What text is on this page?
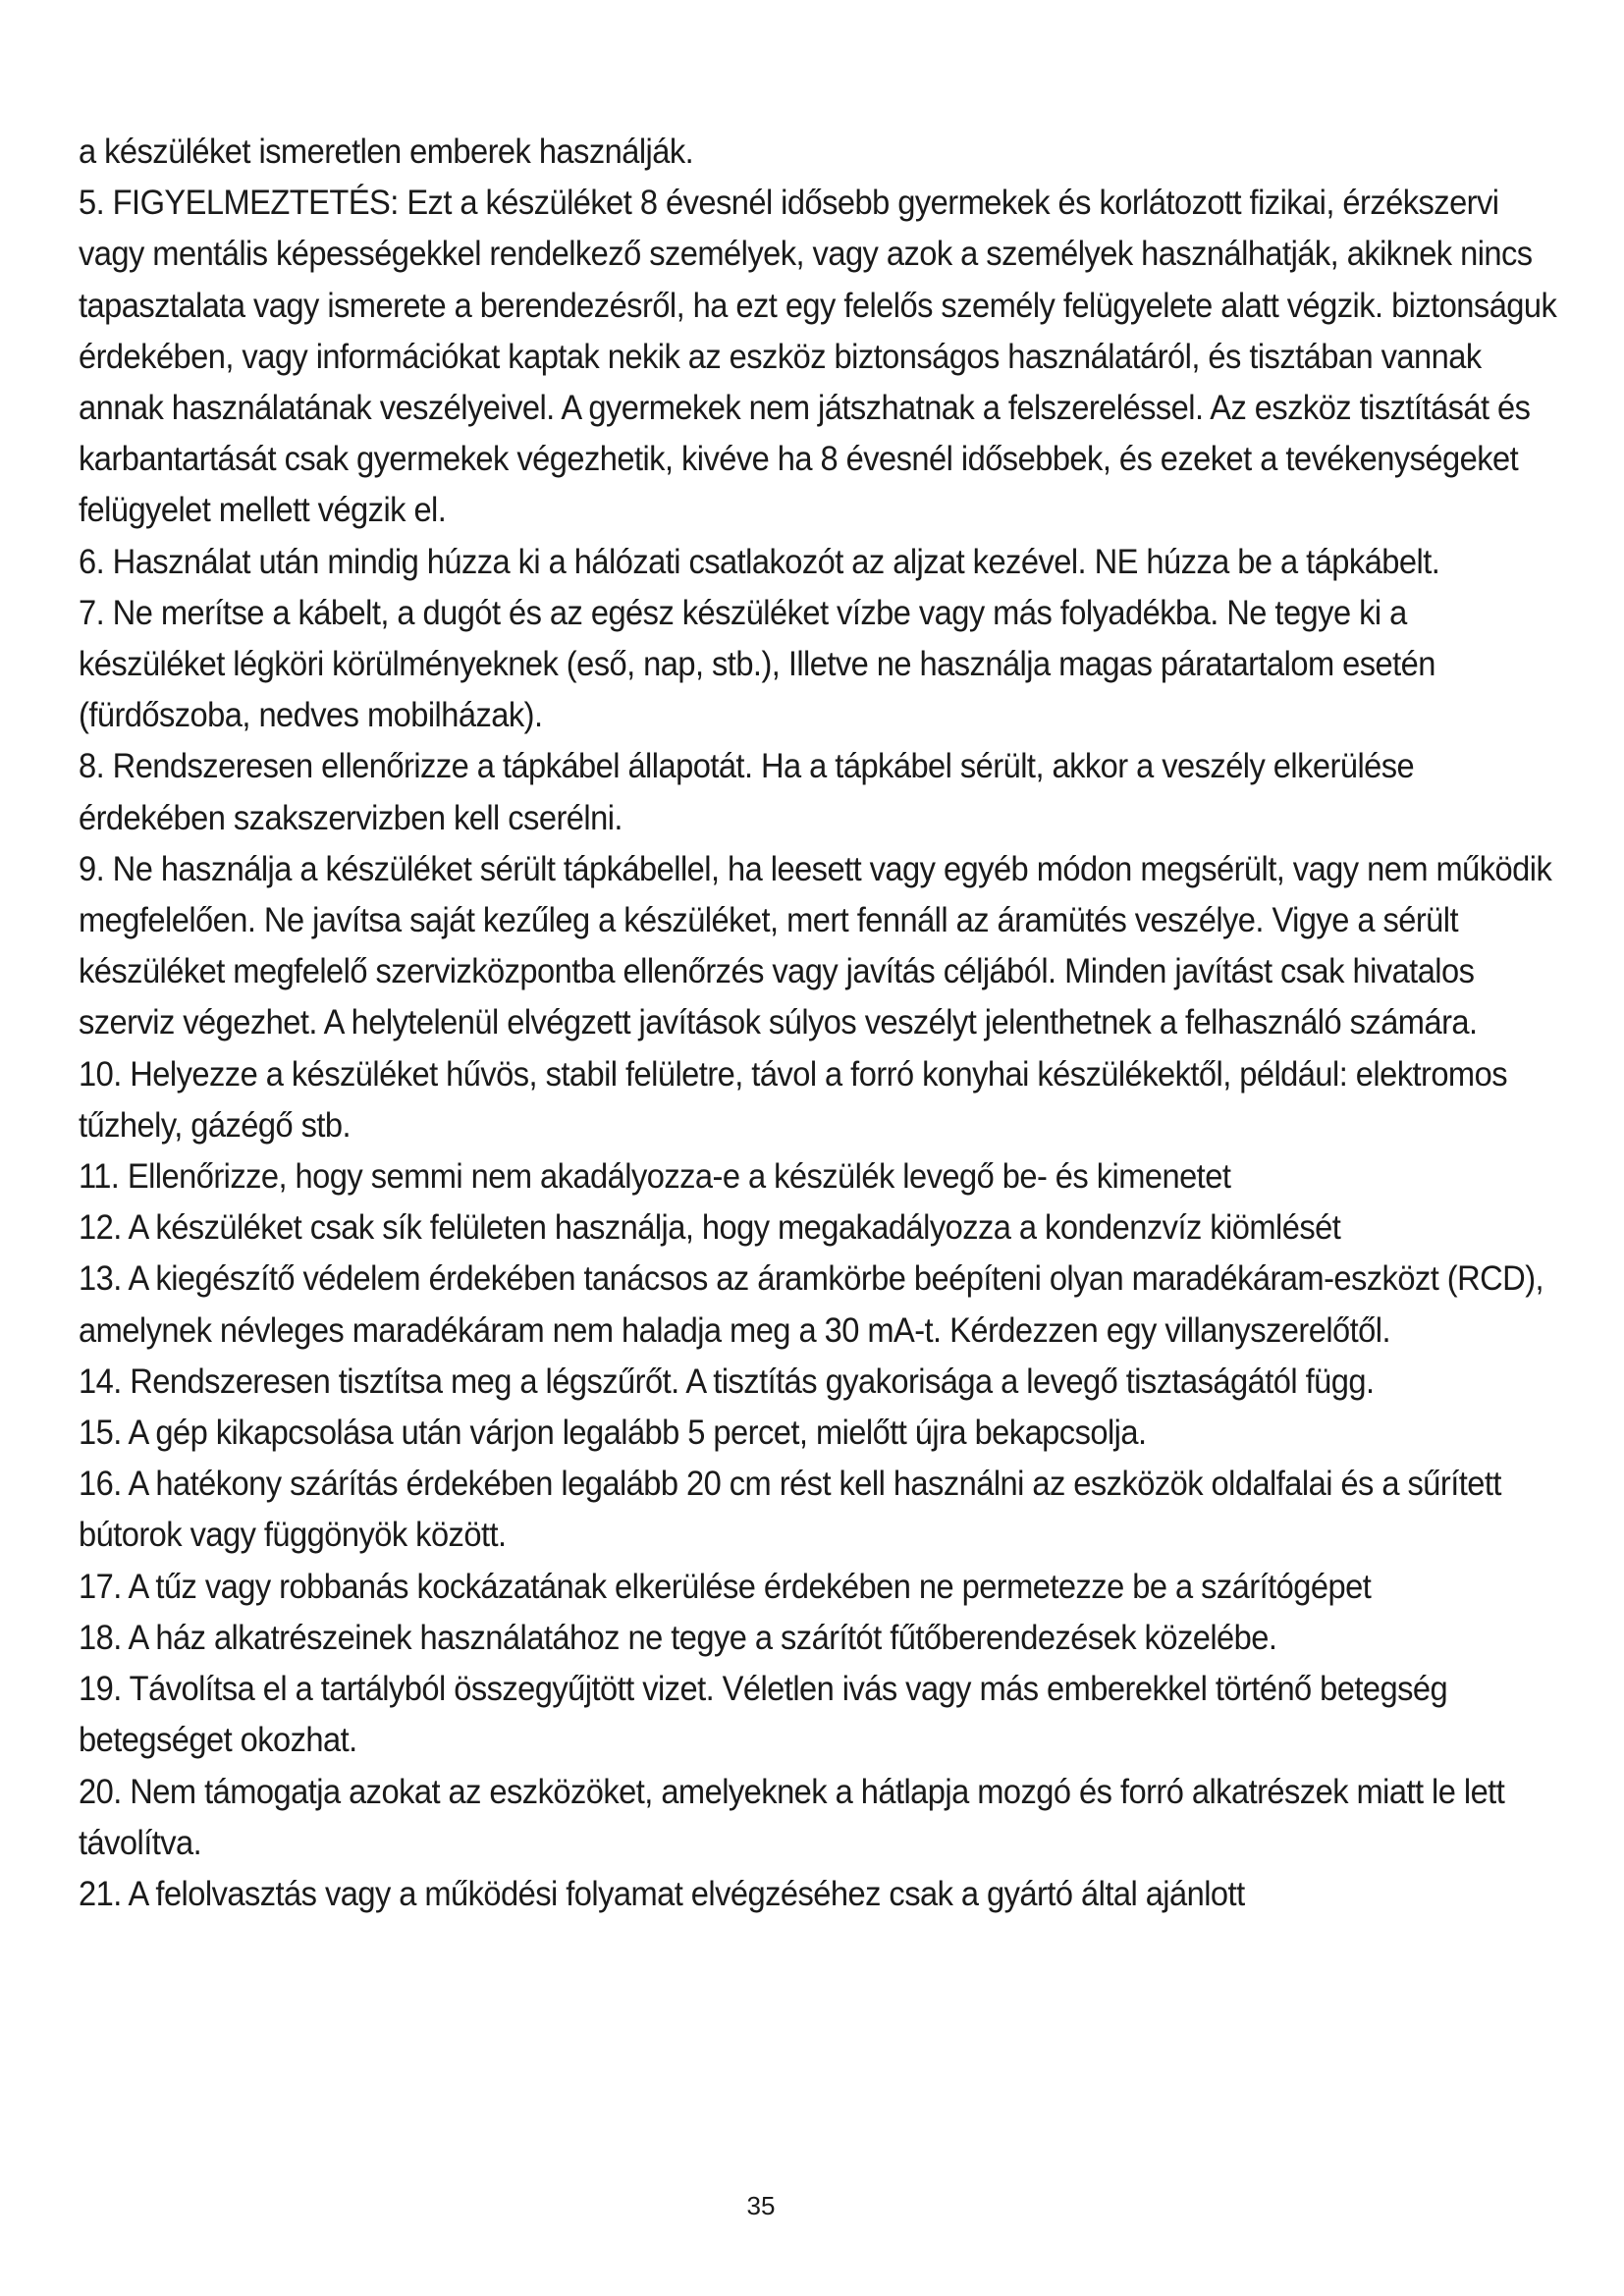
a készüléket ismeretlen emberek használják.

5. FIGYELMEZTETÉS: Ezt a készüléket 8 évesnél idősebb gyermekek és korlátozott fizikai, érzékszervi vagy mentális képességekkel rendelkező személyek, vagy azok a személyek használhatják, akiknek nincs tapasztalata vagy ismerete a berendezésről, ha ezt egy felelős személy felügyelete alatt végzik. biztonságuk érdekében, vagy információkat kaptak nekik az eszköz biztonságos használatáról, és tisztában vannak annak használatának veszélyeivel. A gyermekek nem játszhatnak a felszereléssel. Az eszköz tisztítását és karbantartását csak gyermekek végezhetik, kivéve ha 8 évesnél idősebbek, és ezeket a tevékenységeket felügyelet mellett végzik el.

6. Használat után mindig húzza ki a hálózati csatlakozót az aljzat kezével. NE húzza be a tápkábelt.

7. Ne merítse a kábelt, a dugót és az egész készüléket vízbe vagy más folyadékba. Ne tegye ki a készüléket légköri körülményeknek (eső, nap, stb.), Illetve ne használja magas páratartalom esetén (fürdőszoba, nedves mobilházak).

8. Rendszeresen ellenőrizze a tápkábel állapotát. Ha a tápkábel sérült, akkor a veszély elkerülése érdekében szakszervizben kell cserélni.

9. Ne használja a készüléket sérült tápkábellel, ha leesett vagy egyéb módon megsérült, vagy nem működik megfelelően. Ne javítsa saját kezűleg a készüléket, mert fennáll az áramütés veszélye. Vigye a sérült készüléket megfelelő szervizközpontba ellenőrzés vagy javítás céljából. Minden javítást csak hivatalos szerviz végezhet. A helytelenül elvégzett javítások súlyos veszélyt jelenthetnek a felhasználó számára.

10. Helyezze a készüléket hűvös, stabil felületre, távol a forró konyhai készülékektől, például: elektromos tűzhely, gázégő stb.

11. Ellenőrizze, hogy semmi nem akadályozza-e a készülék levegő be- és kimenetet

12. A készüléket csak sík felületen használja, hogy megakadályozza a kondenzvíz kiömlését

13. A kiegészítő védelem érdekében tanácsos az áramkörbe beépíteni olyan maradékáram-eszközt (RCD), amelynek névleges maradékáram nem haladja meg a 30 mA-t. Kérdezzen egy villanyszerelőtől.

14. Rendszeresen tisztítsa meg a légszűrőt. A tisztítás gyakorisága a levegő tisztaságától függ.

15. A gép kikapcsolása után várjon legalább 5 percet, mielőtt újra bekapcsolja.

16. A hatékony szárítás érdekében legalább 20 cm rést kell használni az eszközök oldalfalai és a sűrített bútorok vagy függönyök között.

17. A tűz vagy robbanás kockázatának elkerülése érdekében ne permetezze be a szárítógépet

18. A ház alkatrészeinek használatához ne tegye a szárítót fűtőberendezések közelébe.

19. Távolítsa el a tartályból összegyűjtött vizet. Véletlen ivás vagy más emberekkel történő betegség betegséget okozhat.

20. Nem támogatja azokat az eszközöket, amelyeknek a hátlapja mozgó és forró alkatrészek miatt le lett távolítva.

21. A felolvasztás vagy a működési folyamat elvégzéséhez csak a gyártó által ajánlott

35
